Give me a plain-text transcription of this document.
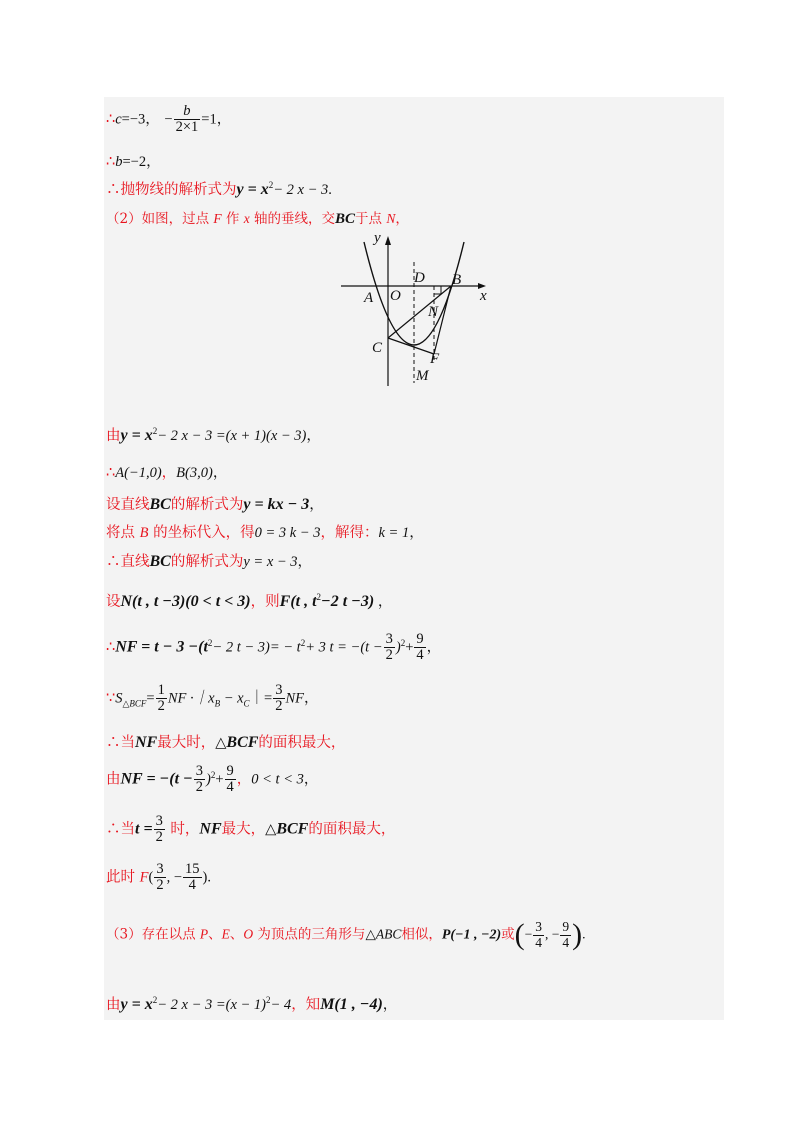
∴c=−3， − $\frac{b}{2\times 1} =1$，
∴b=−2，
∴抛物线的解析式为$y = x^2- 2$ x − 3.
（2）如图，过点 F 作 x 轴的垂线，交BC于点 N，
y
x
A O
D B
N
C
F
M
由$y = x^2- 2$ x − 3 =(x + 1)(x − 3)，
∴A(−1,0)，B(3,0)，
设直线BC的解析式为y = kx − 3，
将点 B 的坐标代入，得0 = 3 k − 3，解得：k = 1，
∴直线BC的解析式为y = x − 3，
设N(t , t −3)(0 < t < 3)，则F(t , $t^2-2$ t −3) ，
∴NF = $t - 3 -(t^2- 2$ $t - 3)= - t^2+ 3$ $t = -(t - \frac{3}{2} )^2+ \frac{9}{4}$ ，
$\because S_{\triangle BCF}= \frac{1}{2}$ NF $\cdot|x_B$ − $x_C|= \frac{3}{2}$ NF，
∴当NF最大时，△BCF的面积最大，
由NF = $-(t - \frac{3}{2} )^2+ \frac{9}{4}$ ，0 < t < 3，
∴当$t = \frac{3}{2}$ 时，NF最大，△BCF的面积最大，
此时 $F( \frac{3}{2}$ , − $\frac{15}{4}$ ).
（3）存在以点 P、E、O 为顶点的三角形与△ABC相似，P(−1 , −2)或(− $\frac{3}{4}$ , − $\frac{9}{4}$ ).
由$y = x^2- 2$ $x - 3 =(x - 1)^2- 4$，知M(1 , −4)，
